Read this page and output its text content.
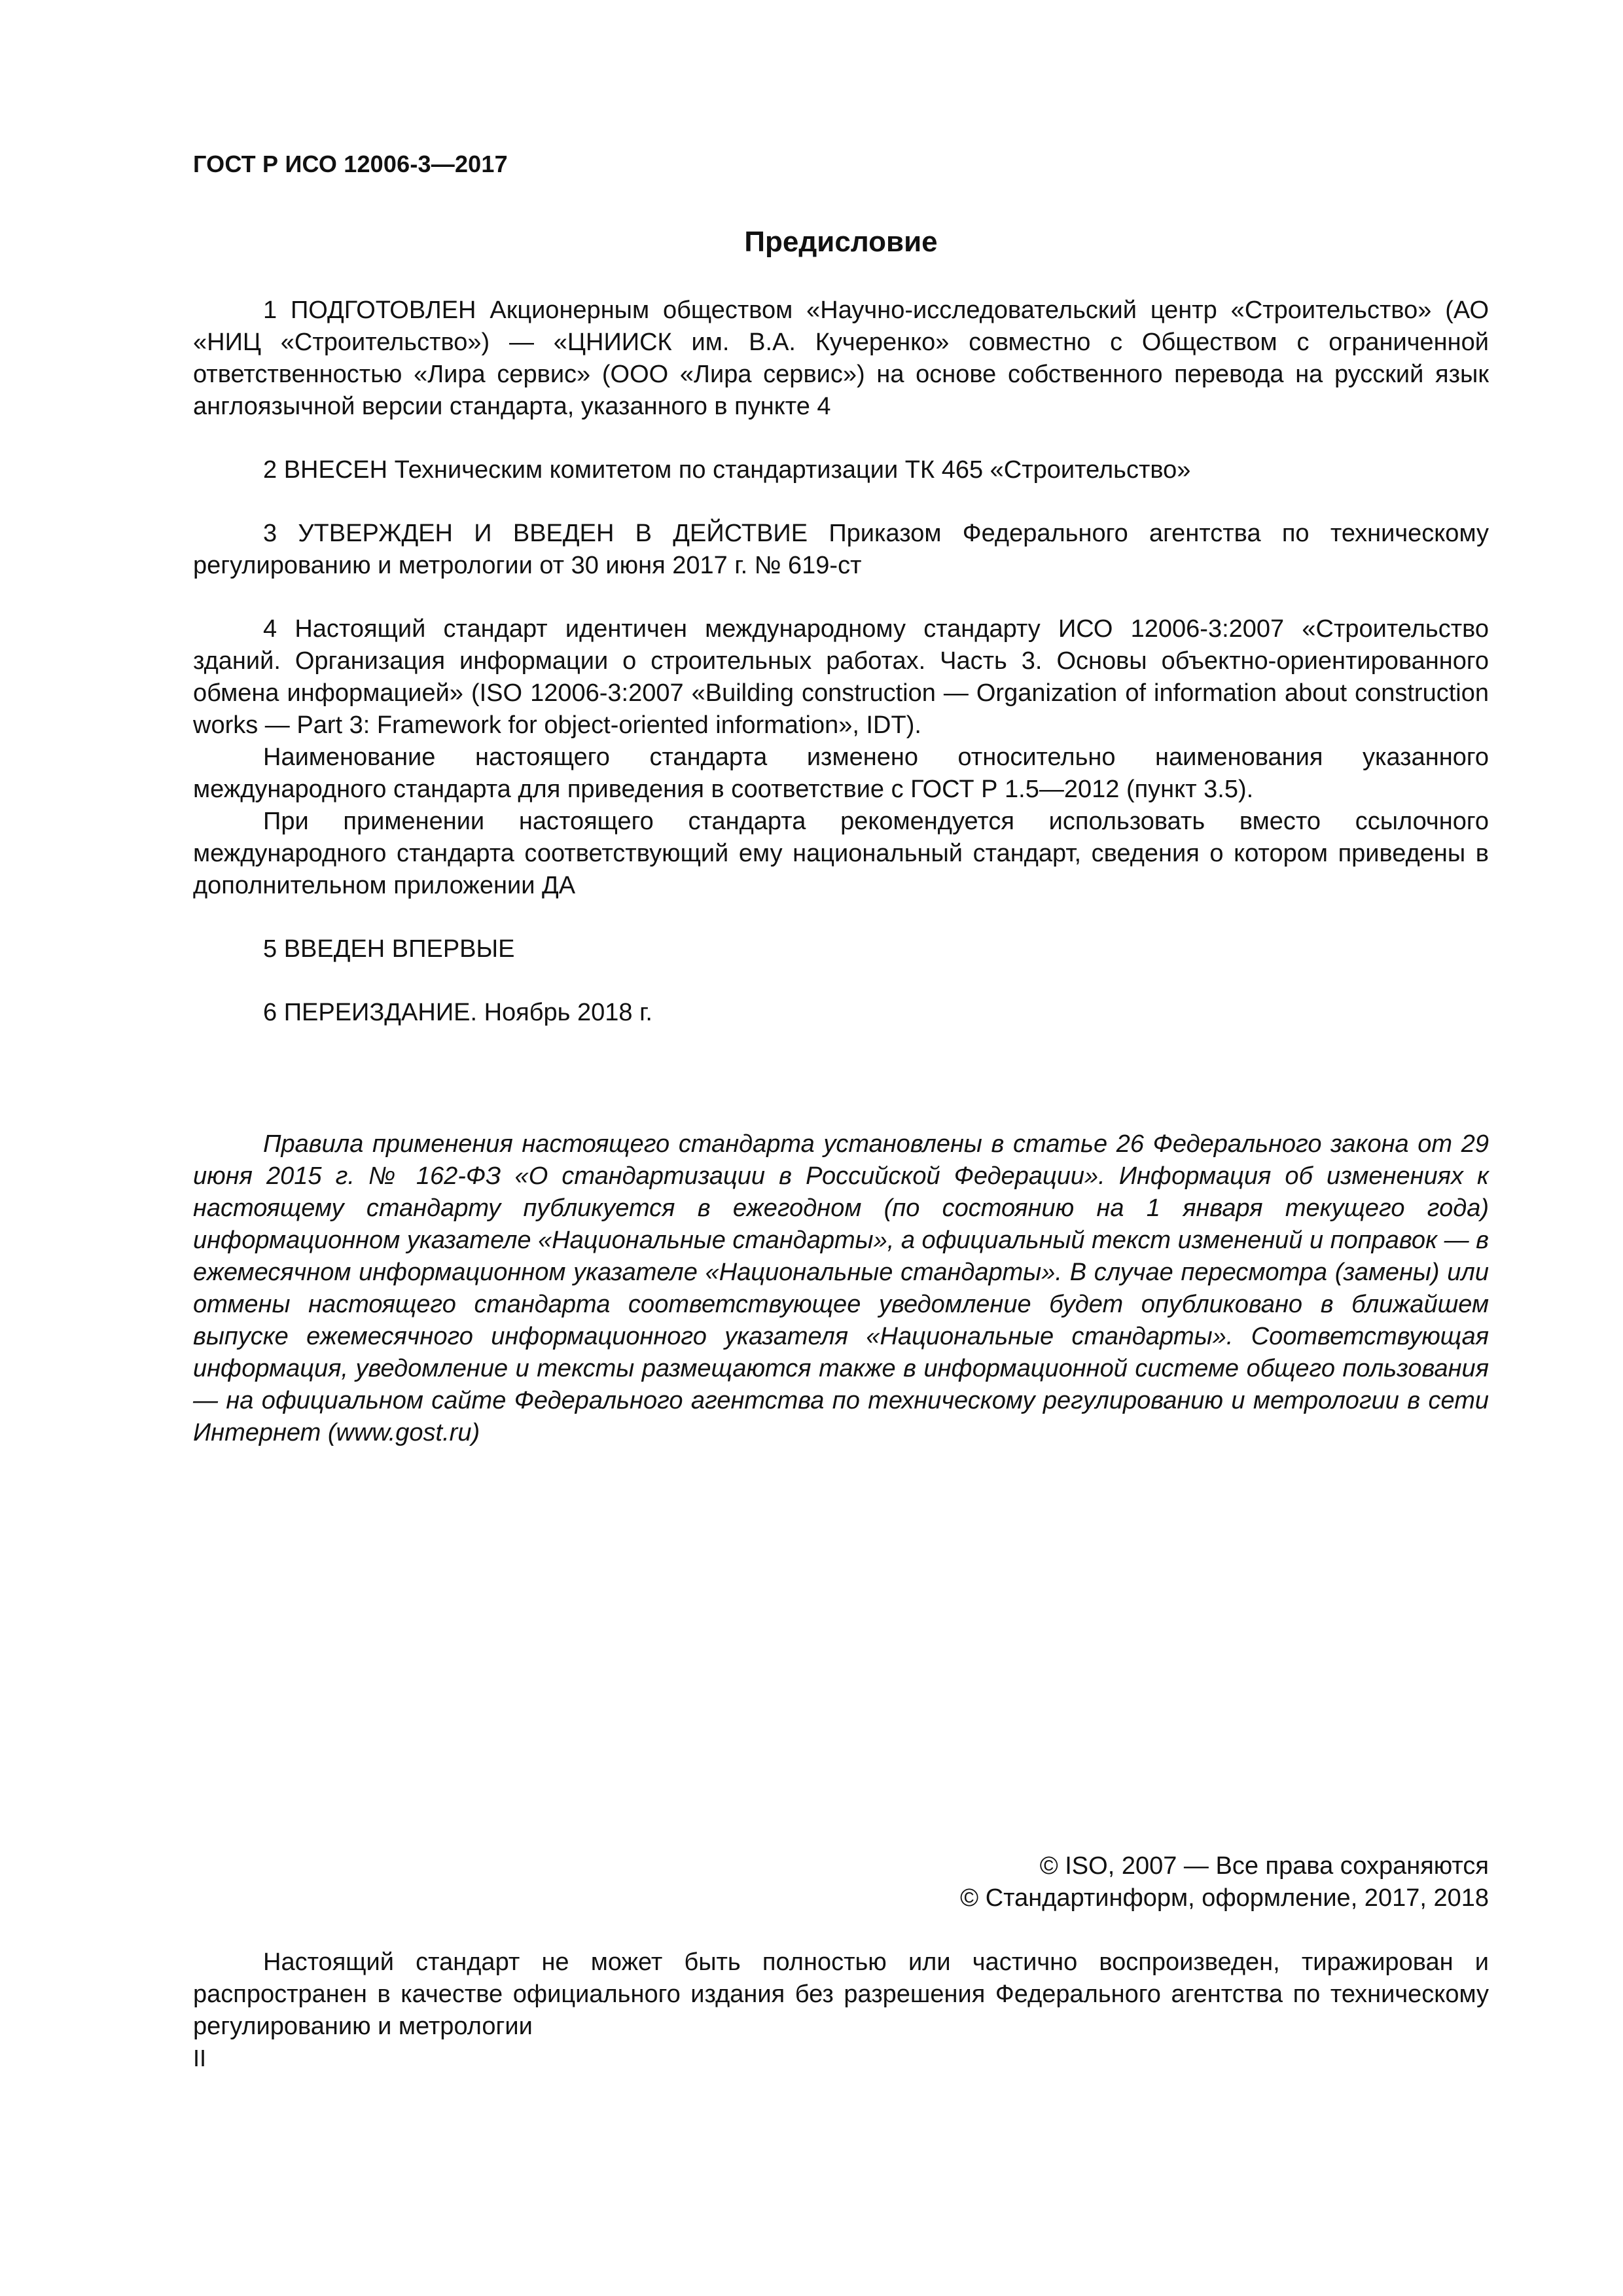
ГОСТ Р ИСО 12006-3—2017
Предисловие

1 ПОДГОТОВЛЕН Акционерным обществом «Научно-исследовательский центр «Строительство» (АО «НИЦ «Строительство») — «ЦНИИСК им. В.А. Кучеренко» совместно с Обществом с ограниченной ответственностью «Лира сервис» (ООО «Лира сервис») на основе собственного перевода на русский язык англоязычной версии стандарта, указанного в пункте 4

2 ВНЕСЕН Техническим комитетом по стандартизации ТК 465 «Строительство»

3 УТВЕРЖДЕН И ВВЕДЕН В ДЕЙСТВИЕ Приказом Федерального агентства по техническому регулированию и метрологии от 30 июня 2017 г. № 619-ст

4 Настоящий стандарт идентичен международному стандарту ИСО 12006-3:2007 «Строительство зданий. Организация информации о строительных работах. Часть 3. Основы объектно-ориентированного обмена информацией» (ISO 12006-3:2007 «Building construction — Organization of information about construction works — Part 3: Framework for object-oriented information», IDT).

Наименование настоящего стандарта изменено относительно наименования указанного международного стандарта для приведения в соответствие с ГОСТ Р 1.5—2012 (пункт 3.5).

При применении настоящего стандарта рекомендуется использовать вместо ссылочного международного стандарта соответствующий ему национальный стандарт, сведения о котором приведены в дополнительном приложении ДА

5 ВВЕДЕН ВПЕРВЫЕ

6 ПЕРЕИЗДАНИЕ. Ноябрь 2018 г.

Правила применения настоящего стандарта установлены в статье 26 Федерального закона от 29 июня 2015 г. № 162-ФЗ «О стандартизации в Российской Федерации». Информация об изменениях к настоящему стандарту публикуется в ежегодном (по состоянию на 1 января текущего года) информационном указателе «Национальные стандарты», а официальный текст изменений и поправок — в ежемесячном информационном указателе «Национальные стандарты». В случае пересмотра (замены) или отмены настоящего стандарта соответствующее уведомление будет опубликовано в ближайшем выпуске ежемесячного информационного указателя «Национальные стандарты». Соответствующая информация, уведомление и тексты размещаются также в информационной системе общего пользования — на официальном сайте Федерального агентства по техническому регулированию и метрологии в сети Интернет (www.gost.ru)

© ISO, 2007 — Все права сохраняются
© Стандартинформ, оформление, 2017, 2018

Настоящий стандарт не может быть полностью или частично воспроизведен, тиражирован и распространен в качестве официального издания без разрешения Федерального агентства по техническому регулированию и метрологии

II
